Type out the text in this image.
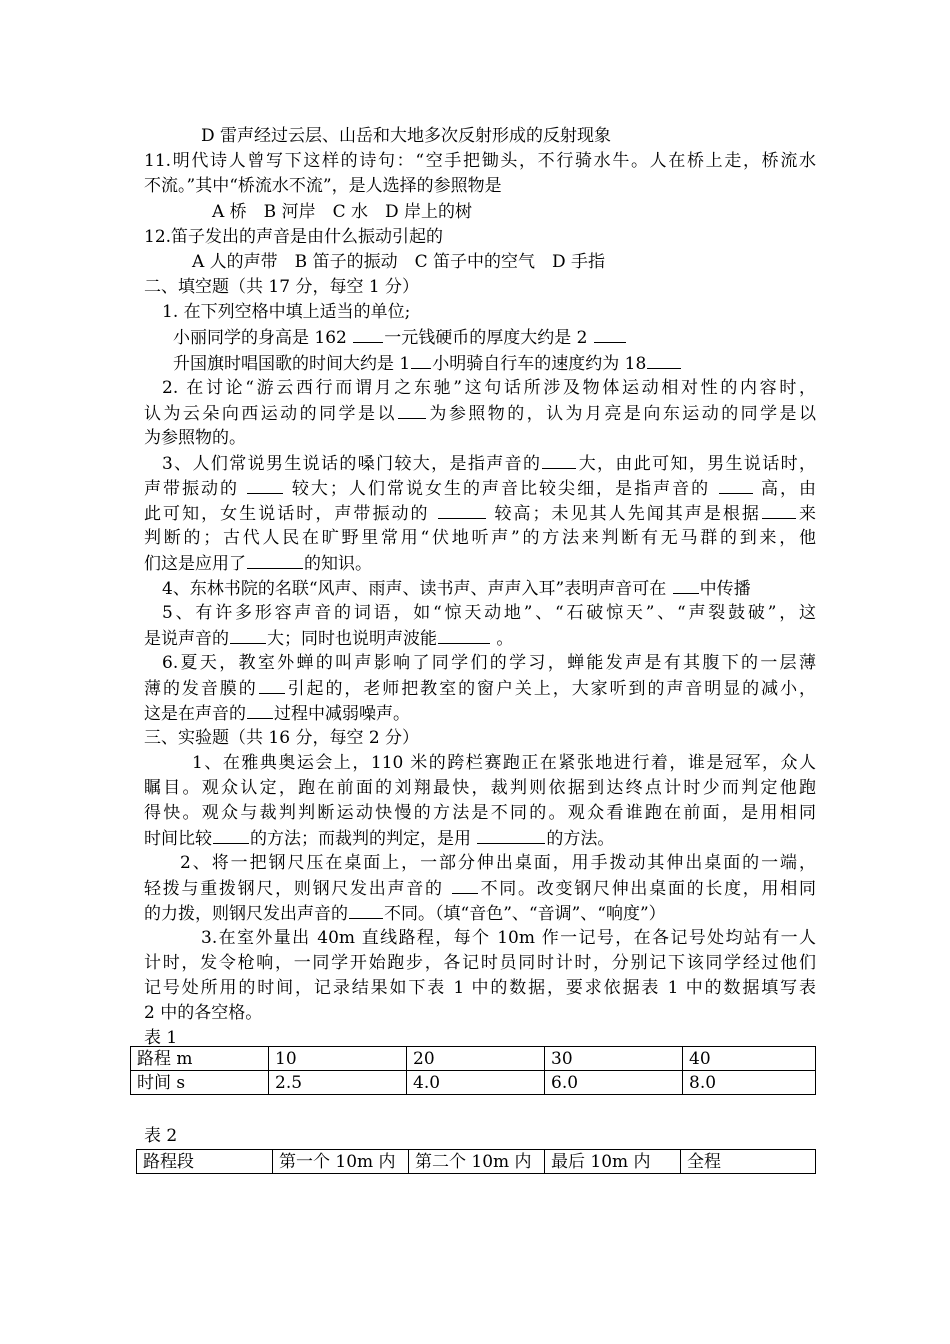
D 雷声经过云层、山岳和大地多次反射形成的反射现象
11.明代诗人曾写下这样的诗句：“空手把锄头，不行骑水牛。人在桥上走，桥流水
不流。”其中“桥流水不流”，是人选择的参照物是
A 桥　B 河岸　C 水　D 岸上的树
12.笛子发出的声音是由什么振动引起的
A 人的声带　B 笛子的振动　C 笛子中的空气　D 手指
二、填空题（共 17 分，每空 1 分）
1. 在下列空格中填上适当的单位;
小丽同学的身高是 162 一元钱硬币的厚度大约是 2
升国旗时唱国歌的时间大约是 1 小明骑自行车的速度约为 18
2. 在讨论“游云西行而谓月之东驰”这句话所涉及物体运动相对性的内容时，
认为云朵向西运动的同学是以 为参照物的，认为月亮是向东运动的同学是以
为参照物的。
3、人们常说男生说话的嗓门较大，是指声音的 大，由此可知，男生说话时，
声带振动的  较大；人们常说女生的声音比较尖细，是指声音的  高，由
此可知，女生说话时，声带振动的	较高；未见其人先闻其声是根据 来
判断的；古代人民在旷野里常用“伏地听声”的方法来判断有无马群的到来，他
们这是应用了	的知识。
4、东林书院的名联“风声、雨声、读书声、声声入耳”表明声音可在 中传播
5、有许多形容声音的词语，如“惊天动地”、“石破惊天”、“声裂鼓破”，这
是说声音的 大；同时也说明声波能	。
6.夏天，教室外蝉的叫声影响了同学们的学习，蝉能发声是有其腹下的一层薄
薄的发音膜的 引起的，老师把教室的窗户关上，大家听到的声音明显的减小，
这是在声音的 过程中减弱噪声。
三、实验题（共 16 分，每空 2 分）
1、在雅典奥运会上，110 米的跨栏赛跑正在紧张地进行着，谁是冠军，众人
瞩目。观众认定，跑在前面的刘翔最快，裁判则依据到达终点计时少而判定他跑
得快。观众与裁判判断运动快慢的方法是不同的。观众看谁跑在前面，是用相同
时间比较 的方法；而裁判的判定，是用	的方法。
2、将一把钢尺压在桌面上，一部分伸出桌面，用手拨动其伸出桌面的一端，
轻拨与重拨钢尺，则钢尺发出声音的 不同。改变钢尺伸出桌面的长度，用相同
的力拨，则钢尺发出声音的 不同。（填“音色”、“音调”、“响度”）
3.在室外量出 40m 直线路程，每个 10m 作一记号，在各记号处均站有一人
计时，发令枪响，一同学开始跑步，各记时员同时计时，分别记下该同学经过他们
记号处所用的时间，记录结果如下表 1 中的数据，要求依据表 1 中的数据填写表
2 中的各空格。
表 1
路程 m	10	20	30	40
时间 s	2.5	4.0	6.0	8.0
表 2
路程段	第一个 10m 内	第二个 10m 内	最后 10m 内	全程
